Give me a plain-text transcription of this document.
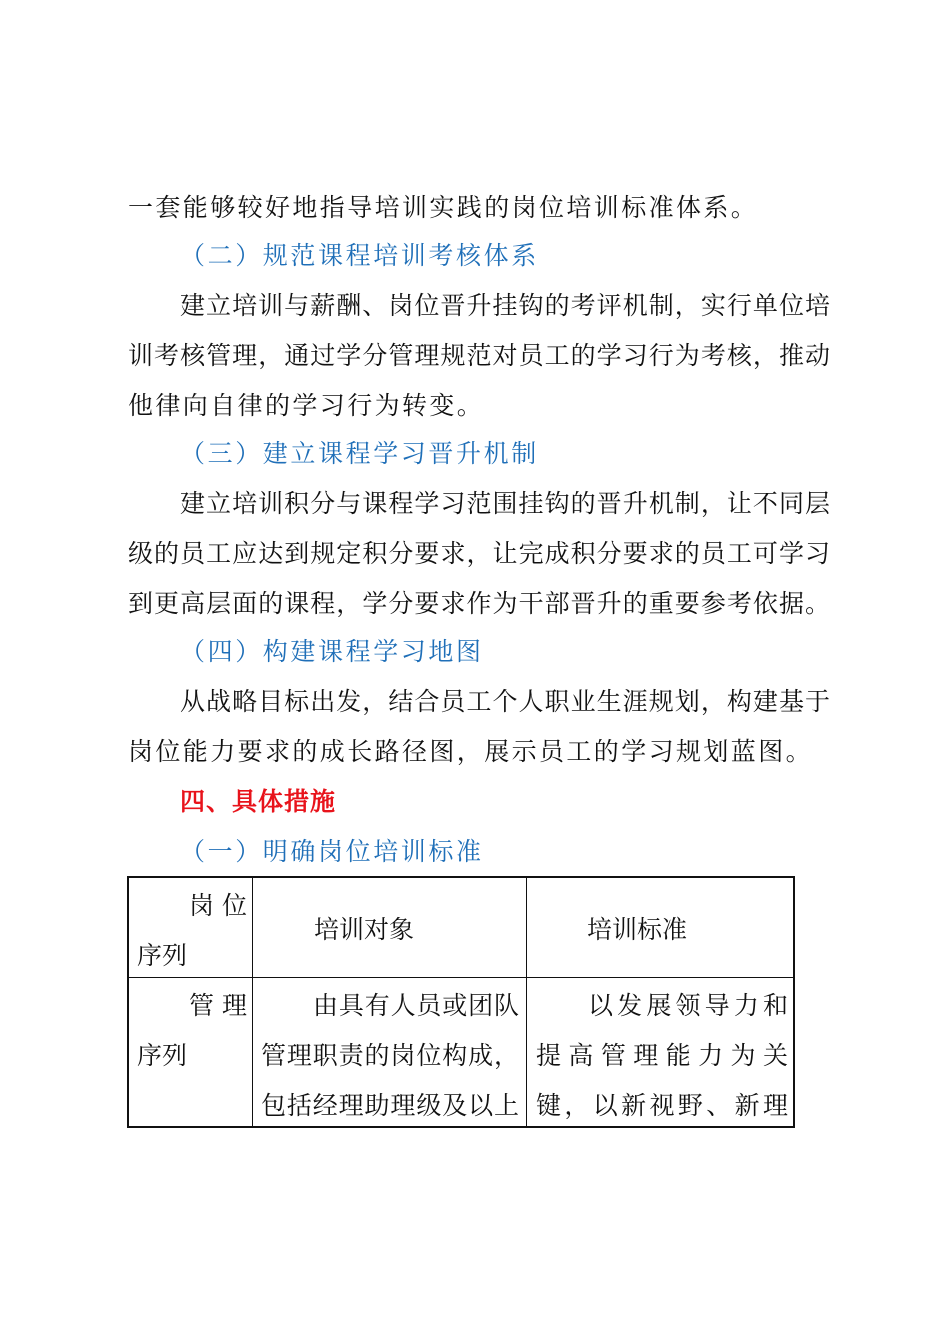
一套能够较好地指导培训实践的岗位培训标准体系。
（二）规范课程培训考核体系
建立培训与薪酬、岗位晋升挂钩的考评机制，实行单位培
训考核管理，通过学分管理规范对员工的学习行为考核，推动
他律向自律的学习行为转变。
（三）建立课程学习晋升机制
建立培训积分与课程学习范围挂钩的晋升机制，让不同层
级的员工应达到规定积分要求，让完成积分要求的员工可学习
到更高层面的课程，学分要求作为干部晋升的重要参考依据。
（四）构建课程学习地图
从战略目标出发，结合员工个人职业生涯规划，构建基于
岗位能力要求的成长路径图，展示员工的学习规划蓝图。
四、具体措施
（一）明确岗位培训标准
岗 位
序列
培训对象	培训标准
管 理
序列
由具有人员或团队
管理职责的岗位构成，
包括经理助理级及以上
以发展领导力和
提高管理能力为关
键，以新视野、新理
